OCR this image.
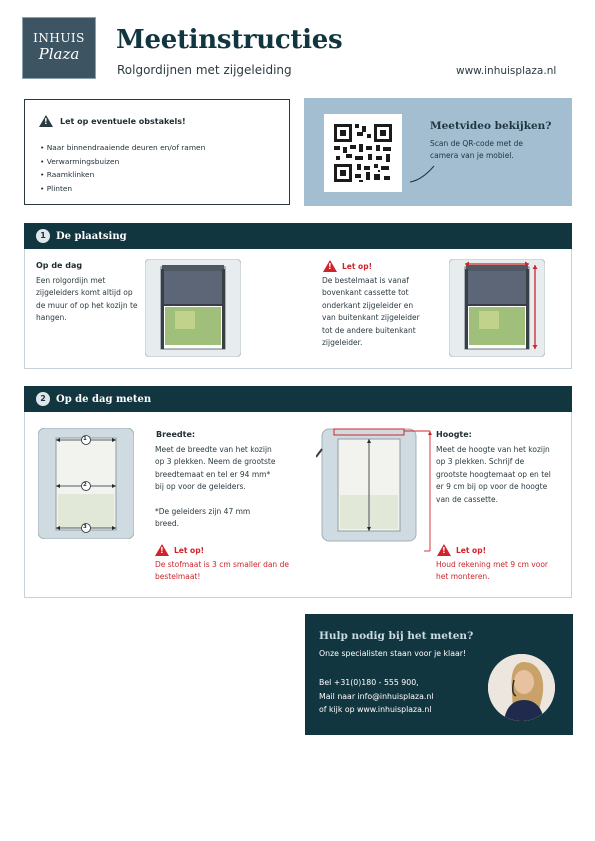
INHUIS
Plaza	Meetinstructies
Rolgordijnen met zijgeleiding	www.inhuisplaza.nl
! Let op eventuele obstakels!
• Naar binnendraaiende deuren en/of ramen
• Verwarmingsbuizen
• Raamklinken
• Plinten
Meetvideo bekijken?
Scan de QR-code met de camera van je mobiel.
1	De plaatsing
Op de dag
Een rolgordijn met zijgeleiders komt altijd op de muur of op het kozijn te hangen.
! Let op!
De bestelmaat is vanaf bovenkant cassette tot onderkant zijgeleider en van buitenkant zijgeleider tot de andere buitenkant zijgeleider.
2	Op de dag meten
1
2
3
Breedte:
Meet de breedte van het kozijn op 3 plekken. Neem de grootste breedtemaat en tel er 94 mm* bij op voor de geleiders.
*De geleiders zijn 47 mm breed.
! Let op!
De stofmaat is 3 cm smaller dan de bestelmaat!
Hoogte:
Meet de hoogte van het kozijn op 3 plekken. Schrijf de grootste hoogtemaat op en tel er 9 cm bij op voor de hoogte van de cassette.
! Let op!
Houd rekening met 9 cm voor het monteren.
Hulp nodig bij het meten?
Onze specialisten staan voor je klaar!
Bel +31(0)180 - 555 900,
Mail naar info@inhuisplaza.nl
of kijk op www.inhuisplaza.nl
